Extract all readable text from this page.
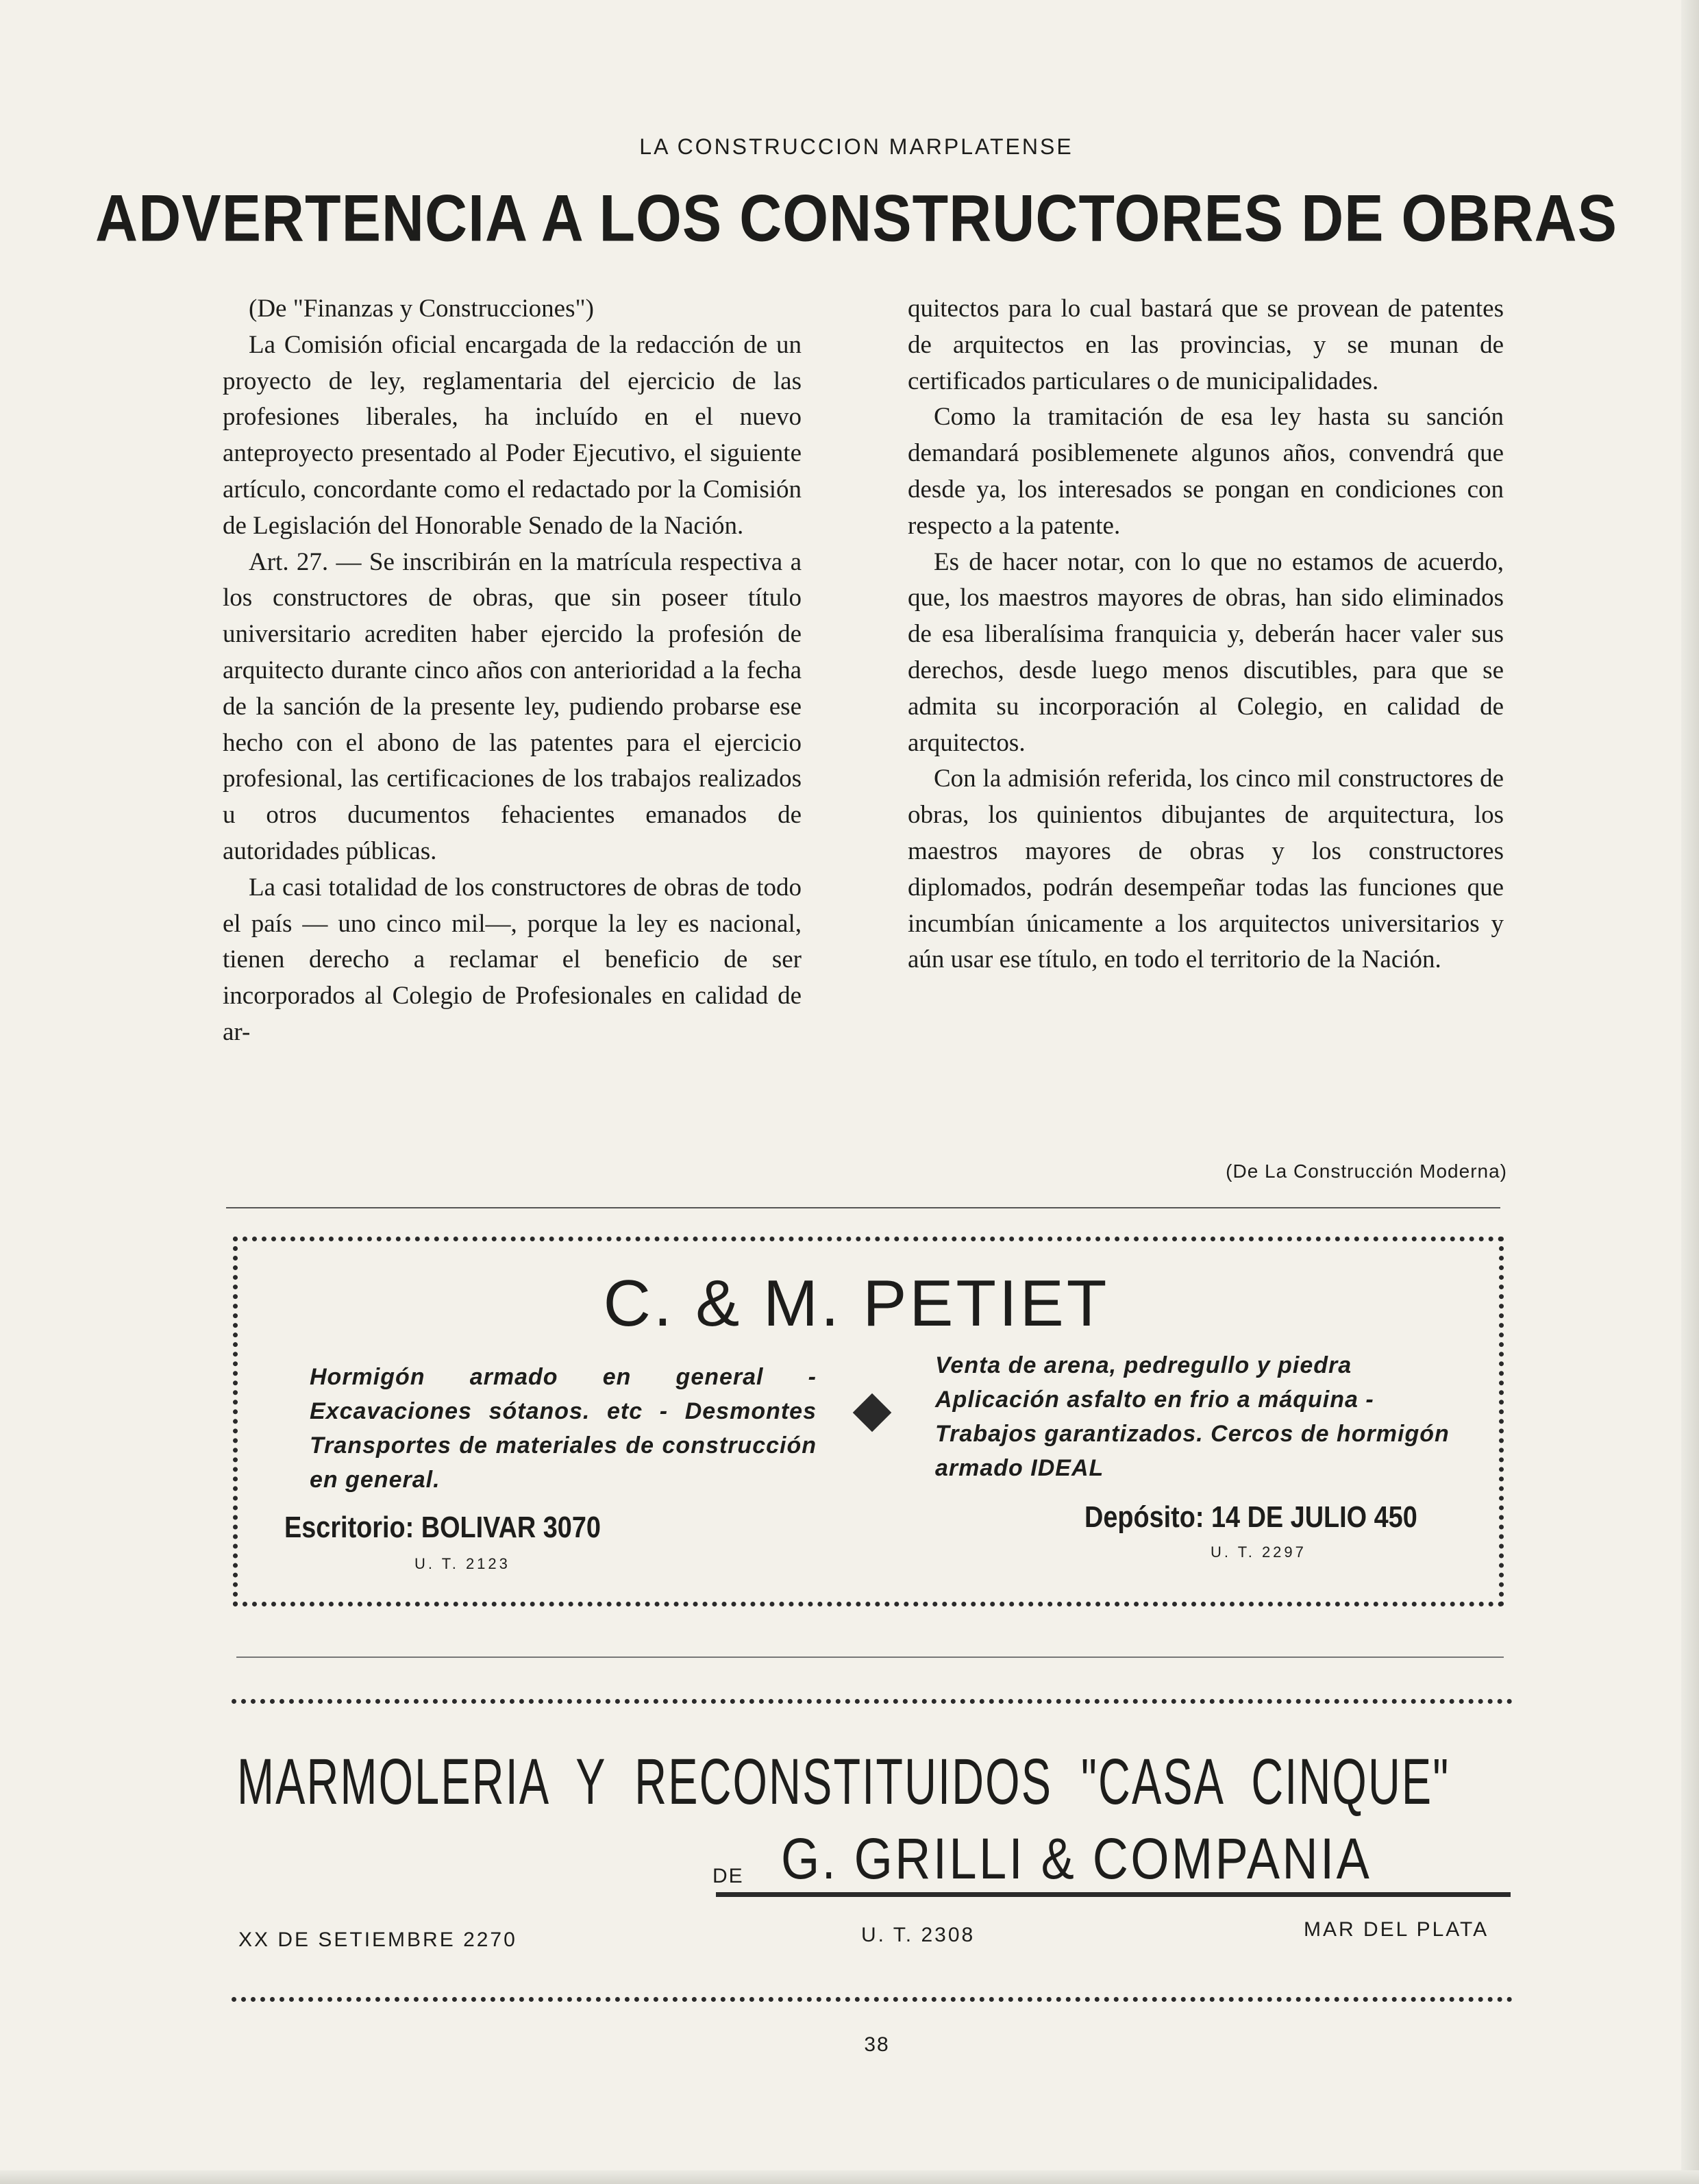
LA CONSTRUCCION MARPLATENSE
ADVERTENCIA A LOS CONSTRUCTORES DE OBRAS

(De "Finanzas y Construcciones")

La Comisión oficial encargada de la redacción de un proyecto de ley, reglamentaria del ejercicio de las profesiones liberales, ha incluído en el nuevo anteproyecto presentado al Poder Ejecutivo, el siguiente artículo, concordante como el redactado por la Comisión de Legislación del Honorable Senado de la Nación.

Art. 27. — Se inscribirán en la matrícula respectiva a los constructores de obras, que sin poseer título universitario acrediten haber ejercido la profesión de arquitecto durante cinco años con anterioridad a la fecha de la sanción de la presente ley, pudiendo probarse ese hecho con el abono de las patentes para el ejercicio profesional, las certificaciones de los trabajos realizados u otros ducumentos fehacientes emanados de autoridades públicas.

La casi totalidad de los constructores de obras de todo el país — uno cinco mil—, porque la ley es nacional, tienen derecho a reclamar el beneficio de ser incorporados al Colegio de Profesionales en calidad de ar-

quitectos para lo cual bastará que se provean de patentes de arquitectos en las provincias, y se munan de certificados particulares o de municipalidades.

Como la tramitación de esa ley hasta su sanción demandará posiblemenete algunos años, convendrá que desde ya, los interesados se pongan en condiciones con respecto a la patente.

Es de hacer notar, con lo que no estamos de acuerdo, que, los maestros mayores de obras, han sido eliminados de esa liberalísima franquicia y, deberán hacer valer sus derechos, desde luego menos discutibles, para que se admita su incorporación al Colegio, en calidad de arquitectos.

Con la admisión referida, los cinco mil constructores de obras, los quinientos dibujantes de arquitectura, los maestros mayores de obras y los constructores diplomados, podrán desempeñar todas las funciones que incumbían únicamente a los arquitectos universitarios y aún usar ese título, en todo el territorio de la Nación.

(De La Construcción Moderna)
C. & M. PETIET
Hormigón armado en general - Excavaciones sótanos. etc - Desmontes Transportes de materiales de construcción en general.
Venta de arena, pedregullo y piedra Aplicación asfalto en frio a máquina - Trabajos garantizados. Cercos de hormigón armado IDEAL
Escritorio: BOLIVAR 3070
U. T. 2123
Depósito: 14 DE JULIO 450
U. T. 2297
MARMOLERIA Y RECONSTITUIDOS "CASA CINQUE"
DE G. GRILLI & COMPANIA
XX DE SETIEMBRE 2270	U. T. 2308	MAR DEL PLATA
38
